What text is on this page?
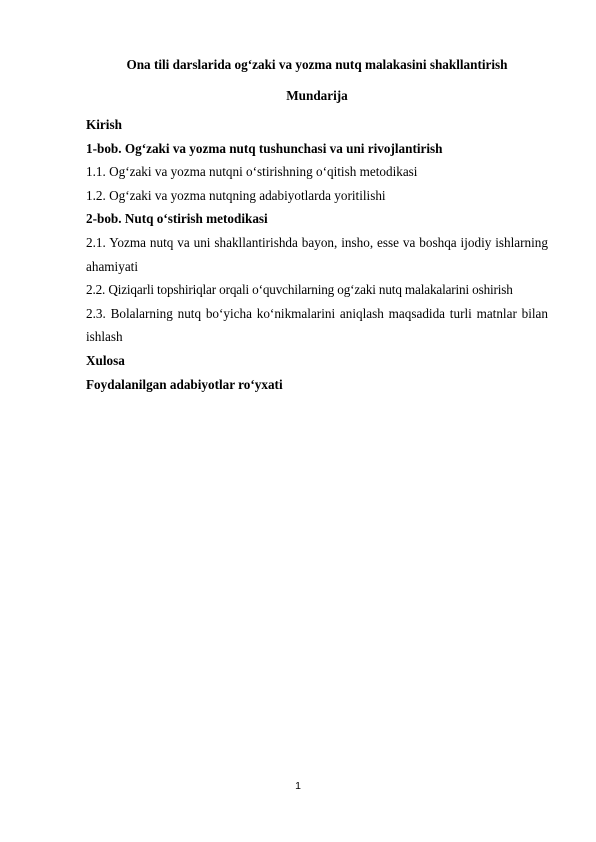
Ona tili darslarida og‘zaki va yozma nutq malakasini shakllantirish
Mundarija

Kirish

1-bob. Og‘zaki va yozma nutq tushunchasi va uni rivojlantirish

1.1. Og‘zaki va yozma nutqni o‘stirishning o‘qitish metodikasi

1.2. Og‘zaki va yozma nutqning adabiyotlarda yoritilishi

2-bob. Nutq o‘stirish metodikasi

2.1. Yozma nutq va uni shakllantirishda bayon, insho, esse va boshqa ijodiy ishlarning ahamiyati

2.2. Qiziqarli topshiriqlar orqali o‘quvchilarning og‘zaki nutq malakalarini oshirish

2.3. Bolalarning nutq bo‘yicha ko‘nikmalarini aniqlash maqsadida turli matnlar bilan ishlash

Xulosa

Foydalanilgan adabiyotlar ro‘yxati

1
